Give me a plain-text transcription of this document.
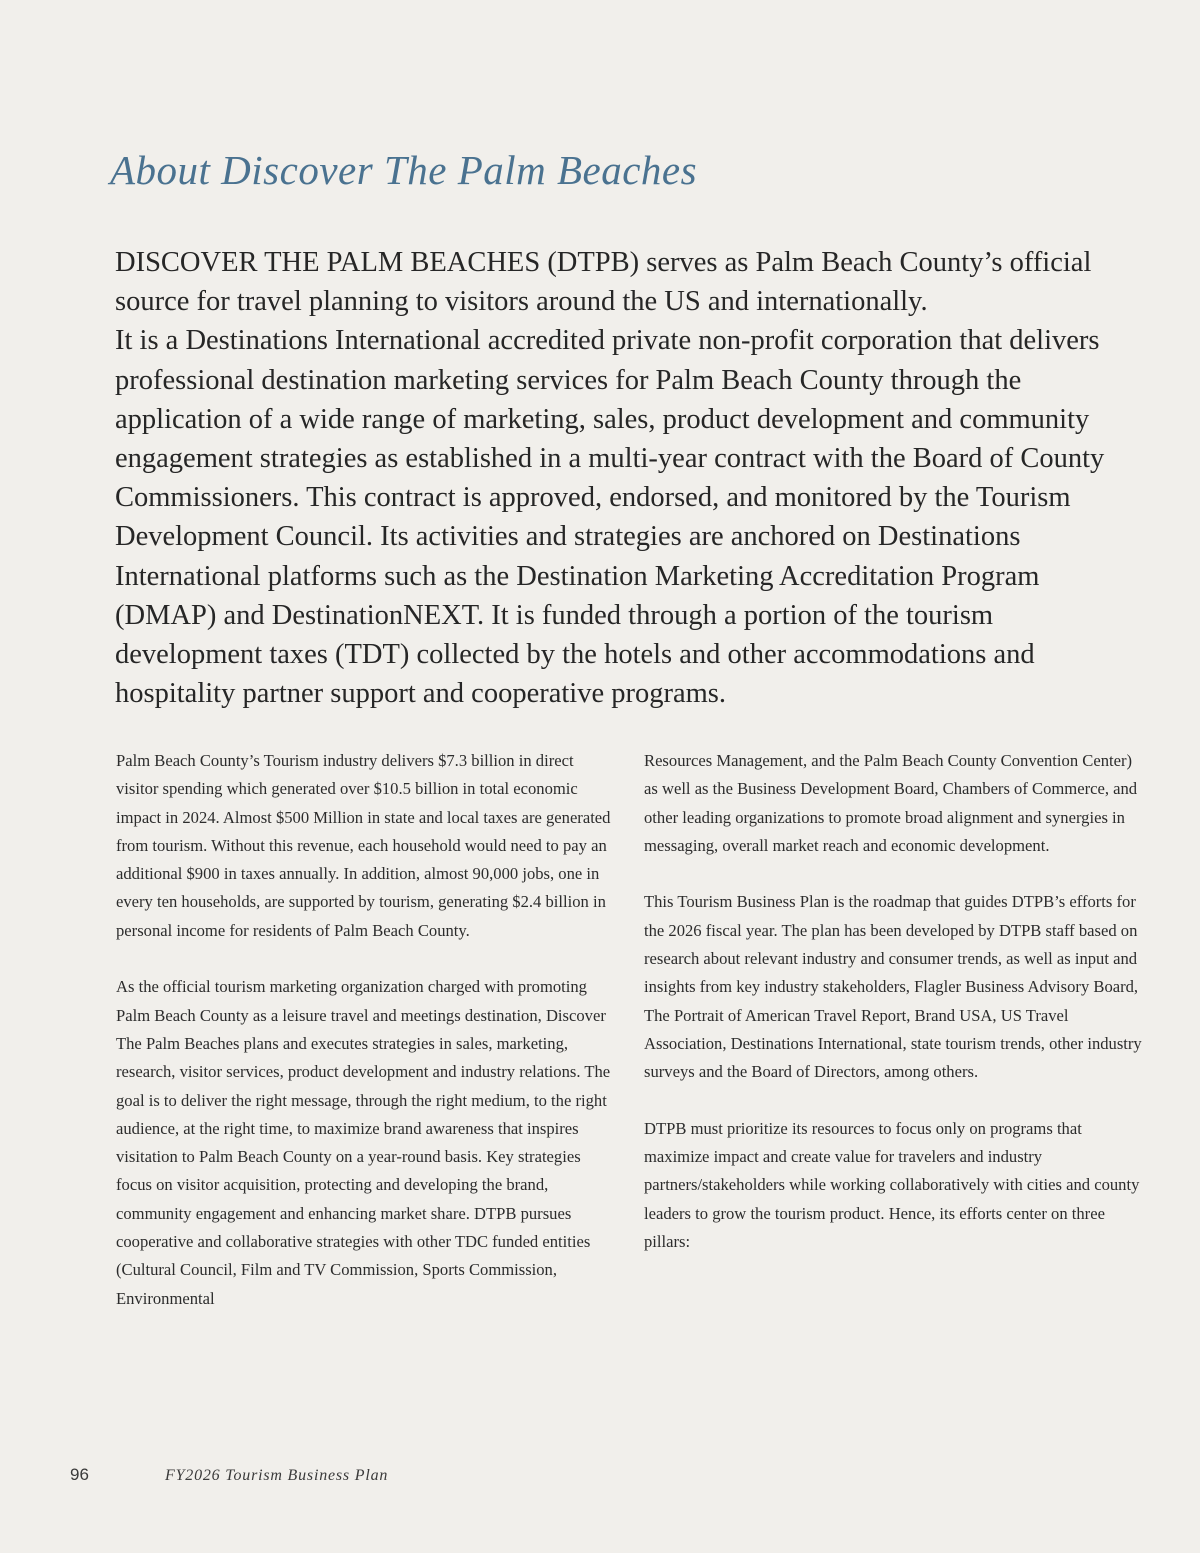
About Discover The Palm Beaches

DISCOVER THE PALM BEACHES (DTPB) serves as Palm Beach County’s official source for travel planning to visitors around the US and internationally.

It is a Destinations International accredited private non-profit corporation that delivers professional destination marketing services for Palm Beach County through the application of a wide range of marketing, sales, product development and community engagement strategies as established in a multi-year contract with the Board of County Commissioners. This contract is approved, endorsed, and monitored by the Tourism Development Council. Its activities and strategies are anchored on Destinations International platforms such as the Destination Marketing Accreditation Program (DMAP) and DestinationNEXT. It is funded through a portion of the tourism development taxes (TDT) collected by the hotels and other accommodations and hospitality partner support and cooperative programs.

Palm Beach County’s Tourism industry delivers $7.3 billion in direct visitor spending which generated over $10.5 billion in total economic impact in 2024. Almost $500 Million in state and local taxes are generated from tourism. Without this revenue, each household would need to pay an additional $900 in taxes annually. In addition, almost 90,000 jobs, one in every ten households, are supported by tourism, generating $2.4 billion in personal income for residents of Palm Beach County.

As the official tourism marketing organization charged with promoting Palm Beach County as a leisure travel and meetings destination, Discover The Palm Beaches plans and executes strategies in sales, marketing, research, visitor services, product development and industry relations. The goal is to deliver the right message, through the right medium, to the right audience, at the right time, to maximize brand awareness that inspires visitation to Palm Beach County on a year-round basis. Key strategies focus on visitor acquisition, protecting and developing the brand, community engagement and enhancing market share. DTPB pursues cooperative and collaborative strategies with other TDC funded entities (Cultural Council, Film and TV Commission, Sports Commission, Environmental

Resources Management, and the Palm Beach County Convention Center) as well as the Business Development Board, Chambers of Commerce, and other leading organizations to promote broad alignment and synergies in messaging, overall market reach and economic development.

This Tourism Business Plan is the roadmap that guides DTPB’s efforts for the 2026 fiscal year. The plan has been developed by DTPB staff based on research about relevant industry and consumer trends, as well as input and insights from key industry stakeholders, Flagler Business Advisory Board, The Portrait of American Travel Report, Brand USA, US Travel Association, Destinations International, state tourism trends, other industry surveys and the Board of Directors, among others.

DTPB must prioritize its resources to focus only on programs that maximize impact and create value for travelers and industry partners/stakeholders while working collaboratively with cities and county leaders to grow the tourism product. Hence, its efforts center on three pillars:

96	FY2026 Tourism Business Plan
